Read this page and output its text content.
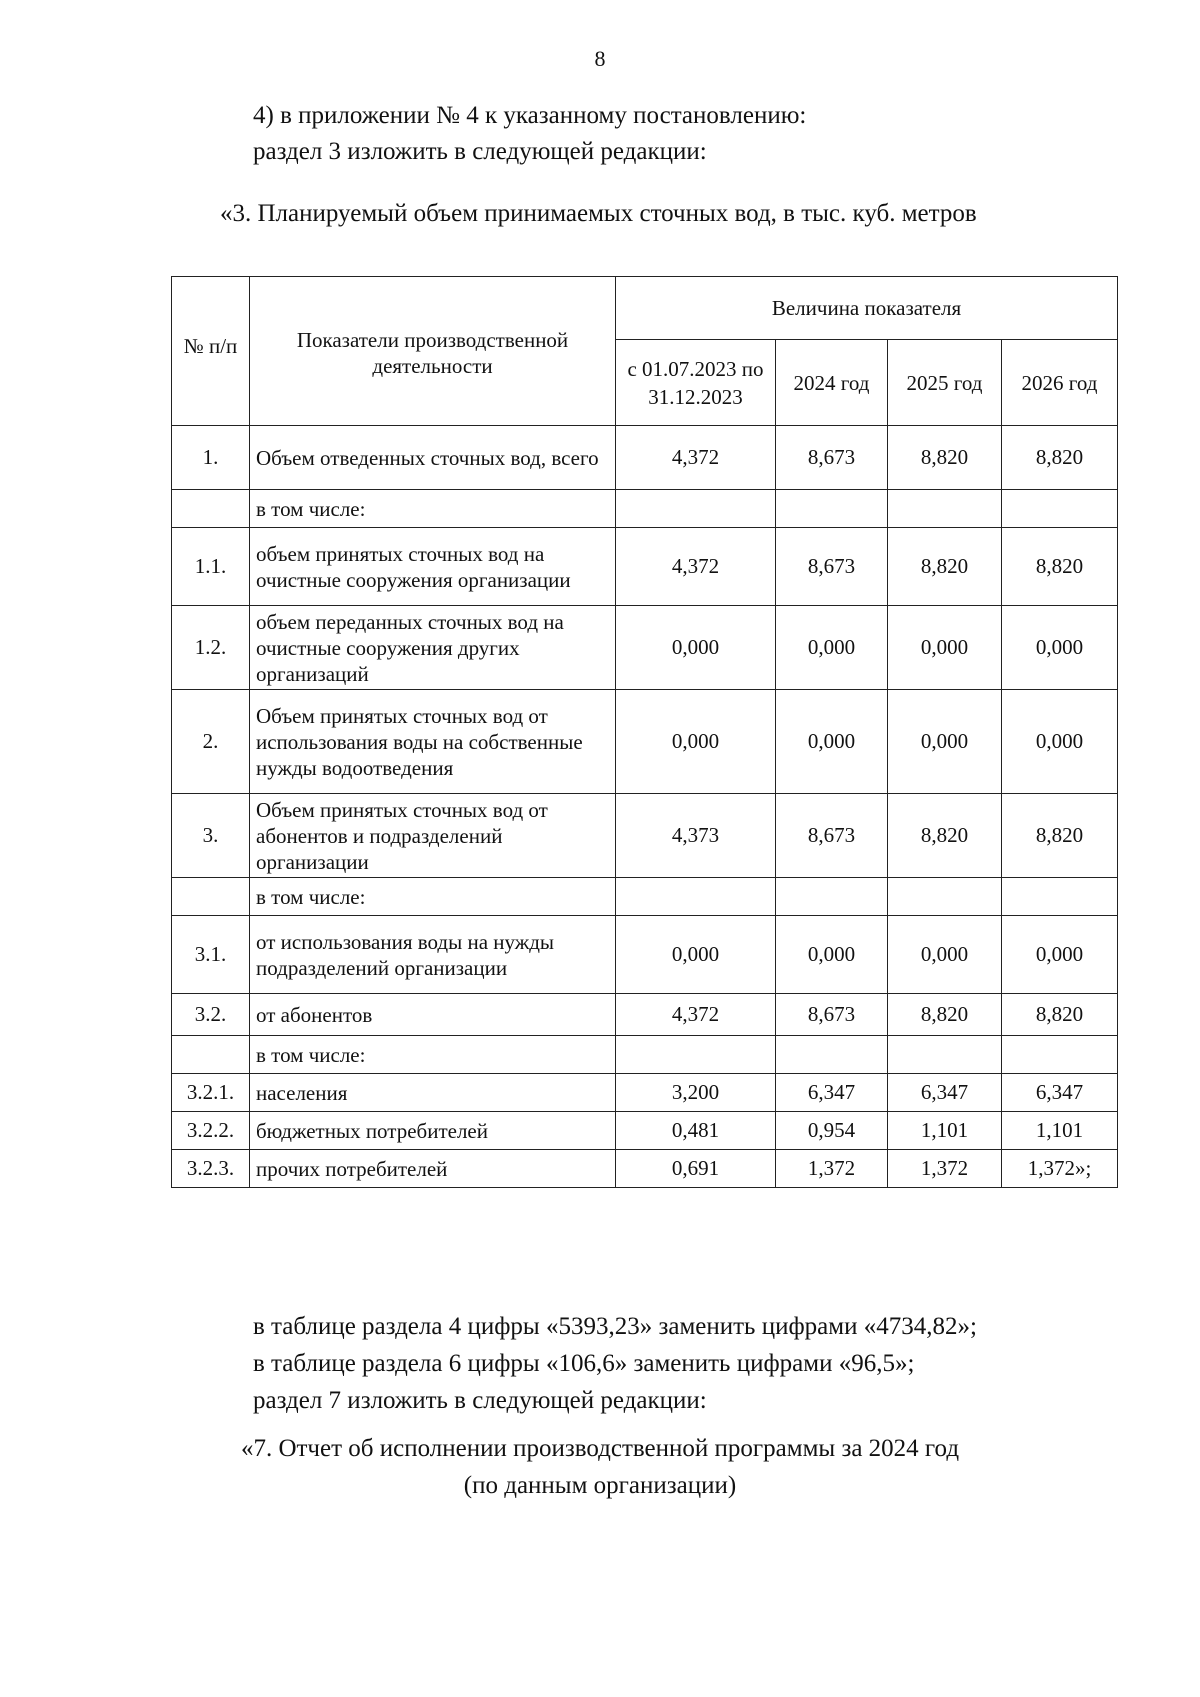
8
4) в приложении № 4 к указанному постановлению:
раздел 3 изложить в следующей редакции:
«3. Планируемый объем принимаемых сточных вод, в тыс. куб. метров
№ п/п	Показатели производственной деятельности	Величина показателя			
		с 01.07.2023 по 31.12.2023	2024 год	2025 год	2026 год
1.	Объем отведенных сточных вод, всего	4,372	8,673	8,820	8,820
	в том числе:				
1.1.	объем принятых сточных вод на очистные сооружения организации	4,372	8,673	8,820	8,820
1.2.	объем переданных сточных вод на очистные сооружения других организаций	0,000	0,000	0,000	0,000
2.	Объем принятых сточных вод от использования воды на собственные нужды водоотведения	0,000	0,000	0,000	0,000
3.	Объем принятых сточных вод от абонентов и подразделений организации	4,373	8,673	8,820	8,820
	в том числе:				
3.1.	от использования воды на нужды подразделений организации	0,000	0,000	0,000	0,000
3.2.	от абонентов	4,372	8,673	8,820	8,820
	в том числе:				
3.2.1.	населения	3,200	6,347	6,347	6,347
3.2.2.	бюджетных потребителей	0,481	0,954	1,101	1,101
3.2.3.	прочих потребителей	0,691	1,372	1,372	1,372»;
в таблице раздела 4 цифры «5393,23» заменить цифрами «4734,82»;
в таблице раздела 6 цифры «106,6» заменить цифрами «96,5»;
раздел 7 изложить в следующей редакции:
«7. Отчет об исполнении производственной программы за 2024 год
(по данным организации)
